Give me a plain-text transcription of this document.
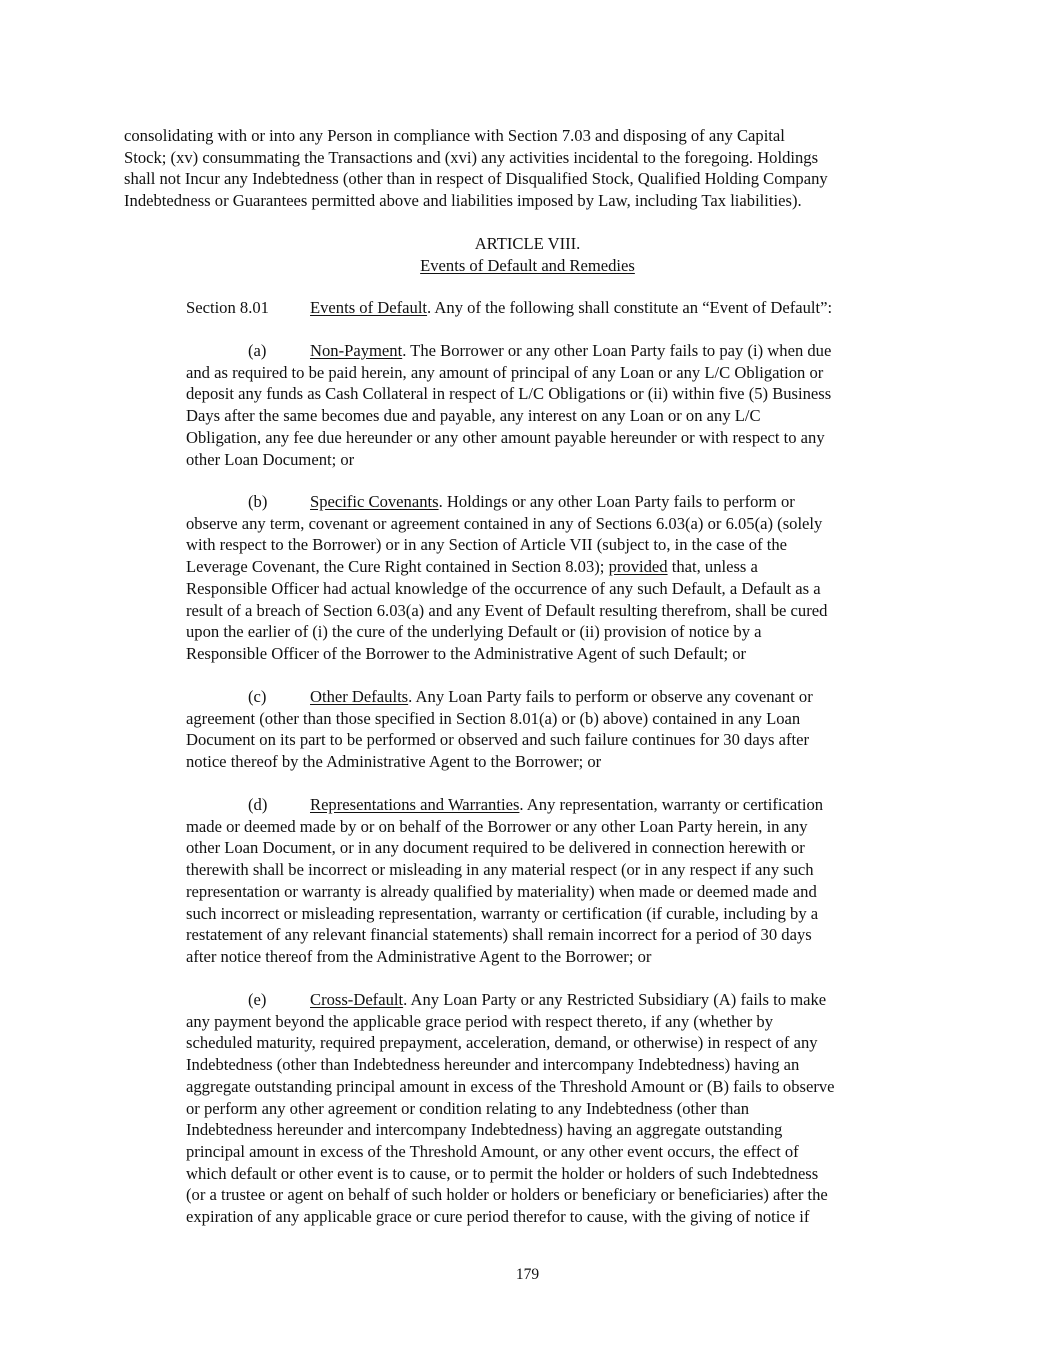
consolidating with or into any Person in compliance with Section 7.03 and disposing of any Capital
Stock; (xv) consummating the Transactions and (xvi) any activities incidental to the foregoing. Holdings
shall not Incur any Indebtedness (other than in respect of Disqualified Stock, Qualified Holding Company
Indebtedness or Guarantees permitted above and liabilities imposed by Law, including Tax liabilities).
ARTICLE VIII.
Events of Default and Remedies
Section 8.01 Events of Default. Any of the following shall constitute an “Event of Default”:
(a)	Non-Payment. The Borrower or any other Loan Party fails to pay (i) when due
and as required to be paid herein, any amount of principal of any Loan or any L/C Obligation or
deposit any funds as Cash Collateral in respect of L/C Obligations or (ii) within five (5) Business
Days after the same becomes due and payable, any interest on any Loan or on any L/C
Obligation, any fee due hereunder or any other amount payable hereunder or with respect to any
other Loan Document; or
(b)	Specific Covenants. Holdings or any other Loan Party fails to perform or
observe any term, covenant or agreement contained in any of Sections 6.03(a) or 6.05(a) (solely
with respect to the Borrower) or in any Section of Article VII (subject to, in the case of the
Leverage Covenant, the Cure Right contained in Section 8.03); provided that, unless a
Responsible Officer had actual knowledge of the occurrence of any such Default, a Default as a
result of a breach of Section 6.03(a) and any Event of Default resulting therefrom, shall be cured
upon the earlier of (i) the cure of the underlying Default or (ii) provision of notice by a
Responsible Officer of the Borrower to the Administrative Agent of such Default; or
(c)	Other Defaults. Any Loan Party fails to perform or observe any covenant or
agreement (other than those specified in Section 8.01(a) or (b) above) contained in any Loan
Document on its part to be performed or observed and such failure continues for 30 days after
notice thereof by the Administrative Agent to the Borrower; or
(d)	Representations and Warranties. Any representation, warranty or certification
made or deemed made by or on behalf of the Borrower or any other Loan Party herein, in any
other Loan Document, or in any document required to be delivered in connection herewith or
therewith shall be incorrect or misleading in any material respect (or in any respect if any such
representation or warranty is already qualified by materiality) when made or deemed made and
such incorrect or misleading representation, warranty or certification (if curable, including by a
restatement of any relevant financial statements) shall remain incorrect for a period of 30 days
after notice thereof from the Administrative Agent to the Borrower; or
(e)	Cross-Default. Any Loan Party or any Restricted Subsidiary (A) fails to make
any payment beyond the applicable grace period with respect thereto, if any (whether by
scheduled maturity, required prepayment, acceleration, demand, or otherwise) in respect of any
Indebtedness (other than Indebtedness hereunder and intercompany Indebtedness) having an
aggregate outstanding principal amount in excess of the Threshold Amount or (B) fails to observe
or perform any other agreement or condition relating to any Indebtedness (other than
Indebtedness hereunder and intercompany Indebtedness) having an aggregate outstanding
principal amount in excess of the Threshold Amount, or any other event occurs, the effect of
which default or other event is to cause, or to permit the holder or holders of such Indebtedness
(or a trustee or agent on behalf of such holder or holders or beneficiary or beneficiaries) after the
expiration of any applicable grace or cure period therefor to cause, with the giving of notice if
179
